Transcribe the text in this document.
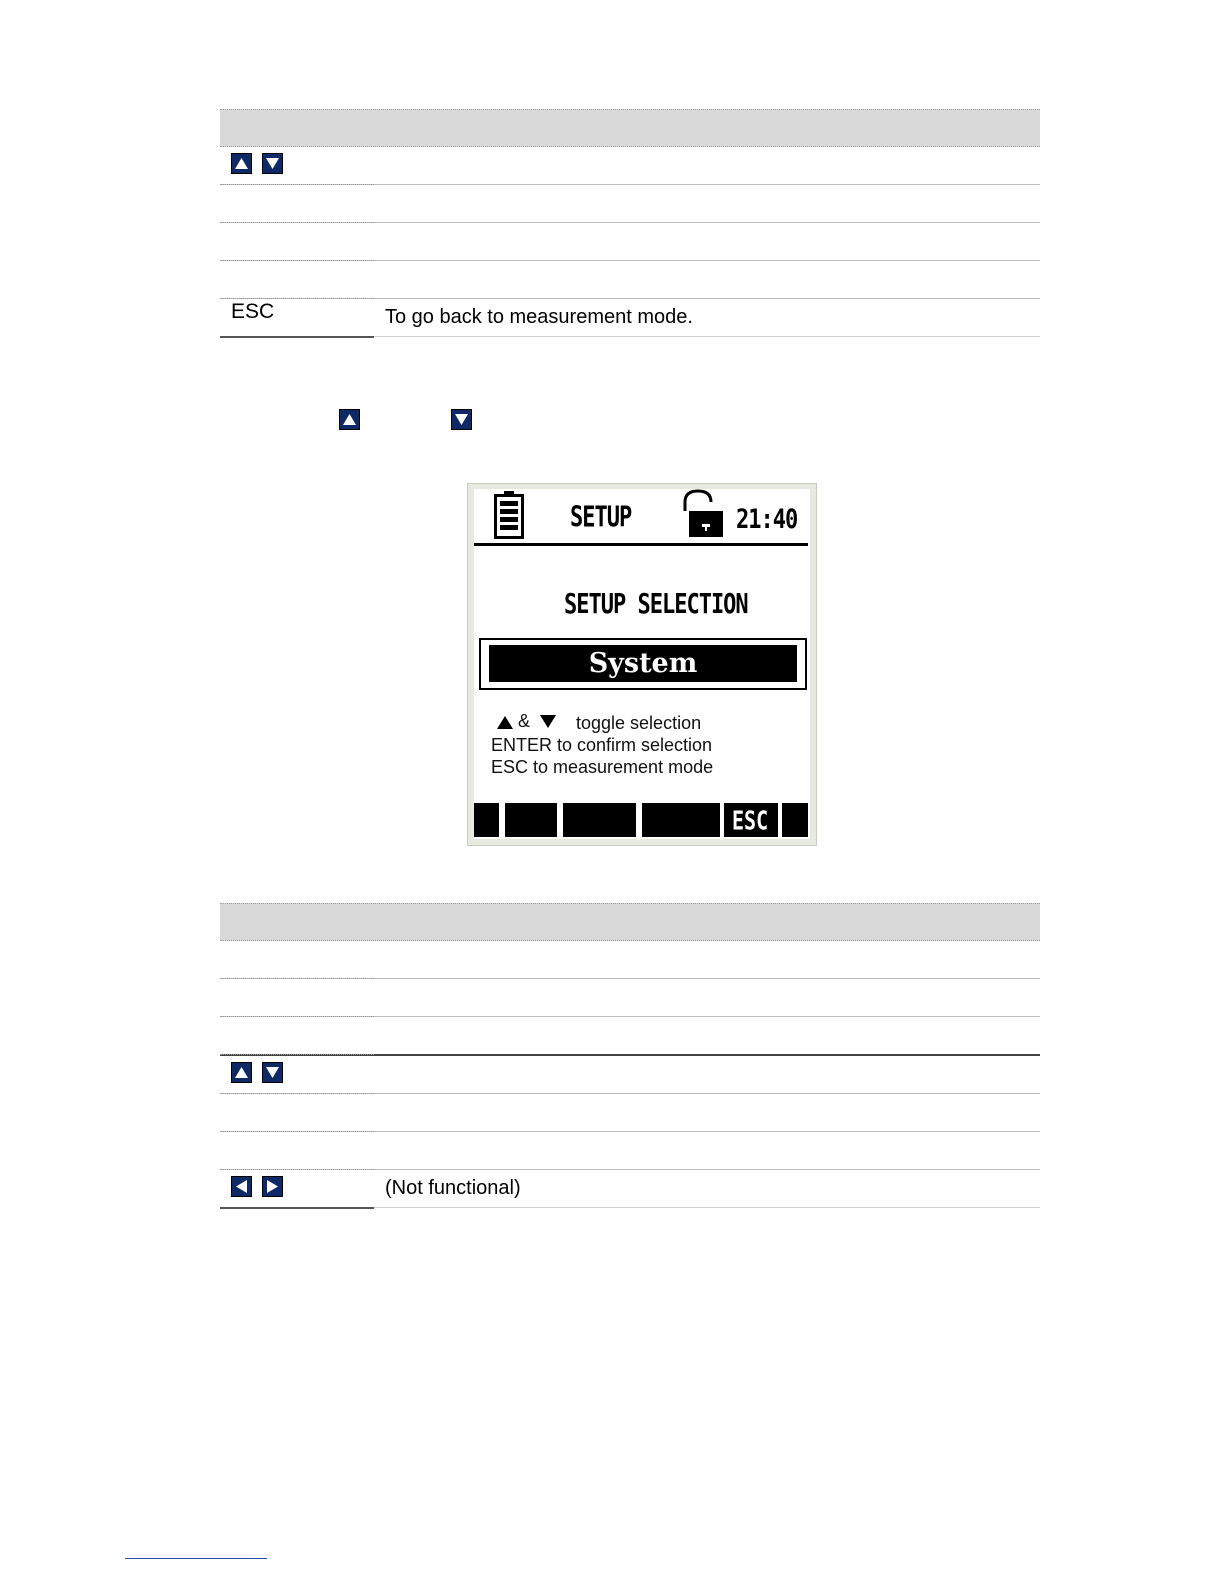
ESC	To go back to measurement mode.
SETUP	21:40
SETUP SELECTION
System
&	toggle selection
ENTER to confirm selection
ESC to measurement mode
ESC
(Not functional)
